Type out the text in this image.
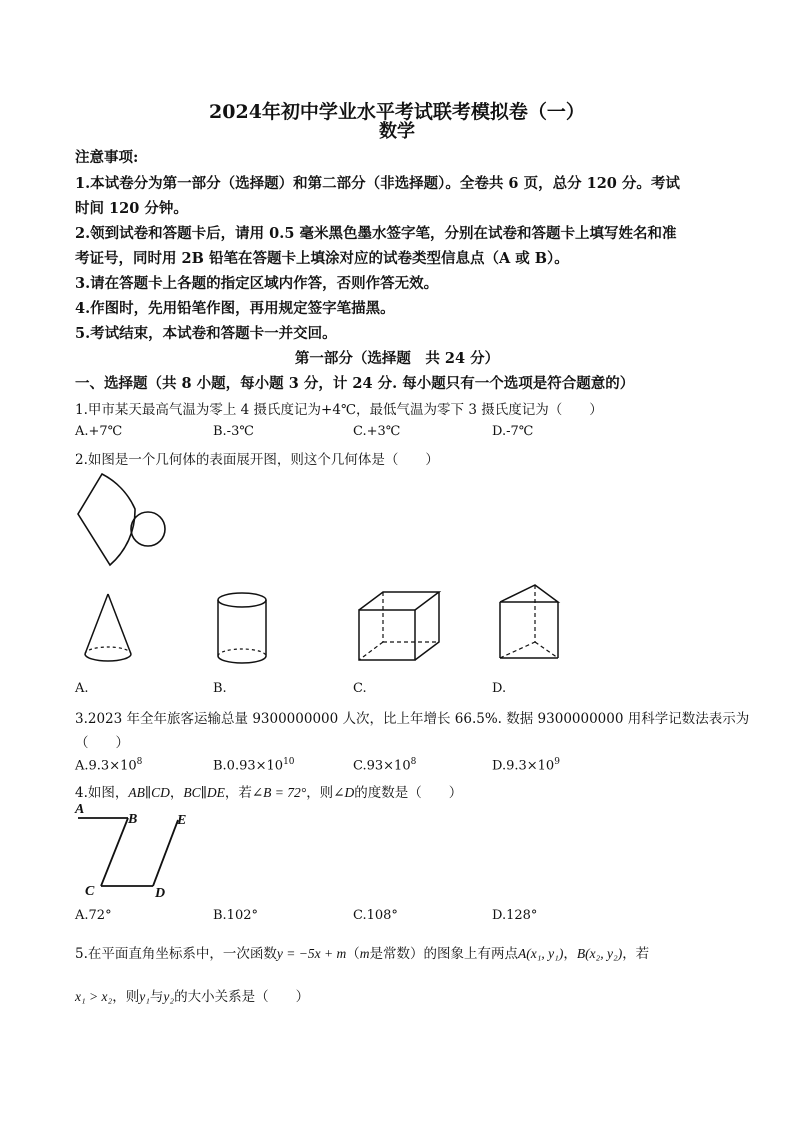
2024年初中学业水平考试联考模拟卷（一）
数学
注意事项:
1.本试卷分为第一部分（选择题）和第二部分（非选择题）。全卷共 6 页，总分 120 分。考试
时间 120 分钟。
2.领到试卷和答题卡后，请用 0.5 毫米黑色墨水签字笔，分别在试卷和答题卡上填写姓名和准
考证号，同时用 2B 铅笔在答题卡上填涂对应的试卷类型信息点（A 或 B）。
3.请在答题卡上各题的指定区域内作答，否则作答无效。
4.作图时，先用铅笔作图，再用规定签字笔描黑。
5.考试结束，本试卷和答题卡一并交回。
第一部分（选择题　共 24 分）
一、选择题（共 8 小题，每小题 3 分，计 24 分. 每小题只有一个选项是符合题意的）
1.甲市某天最高气温为零上 4 摄氏度记为+4℃，最低气温为零下 3 摄氏度记为（　　）
A.+7℃	B.-3℃	C.+3℃	D.-7℃
2.如图是一个几何体的表面展开图，则这个几何体是（　　）
A.	B.	C.	D.
3.2023 年全年旅客运输总量 9300000000 人次，比上年增长 66.5%. 数据 9300000000 用科学记数法表示为
（　　）
$A.9.3\times 10^8$	$B.0.93\times 10^{10}$	$C.93\times 10^8$	$D.9.3\times 10^9$
4.如图，AB∥CD，BC∥DE，若∠B = 72°，则∠D的度数是（　　）
A
B
C	D
E
A.72°	B.102°	C.108°	D.128°
5.在平面直角坐标系中，一次函数y = −5x + m（m是常数）的图象上有两点A(x₁, y₁)，B(x₂, y₂)，若
x₁ > x₂，则y₁与y₂的大小关系是（　　）
